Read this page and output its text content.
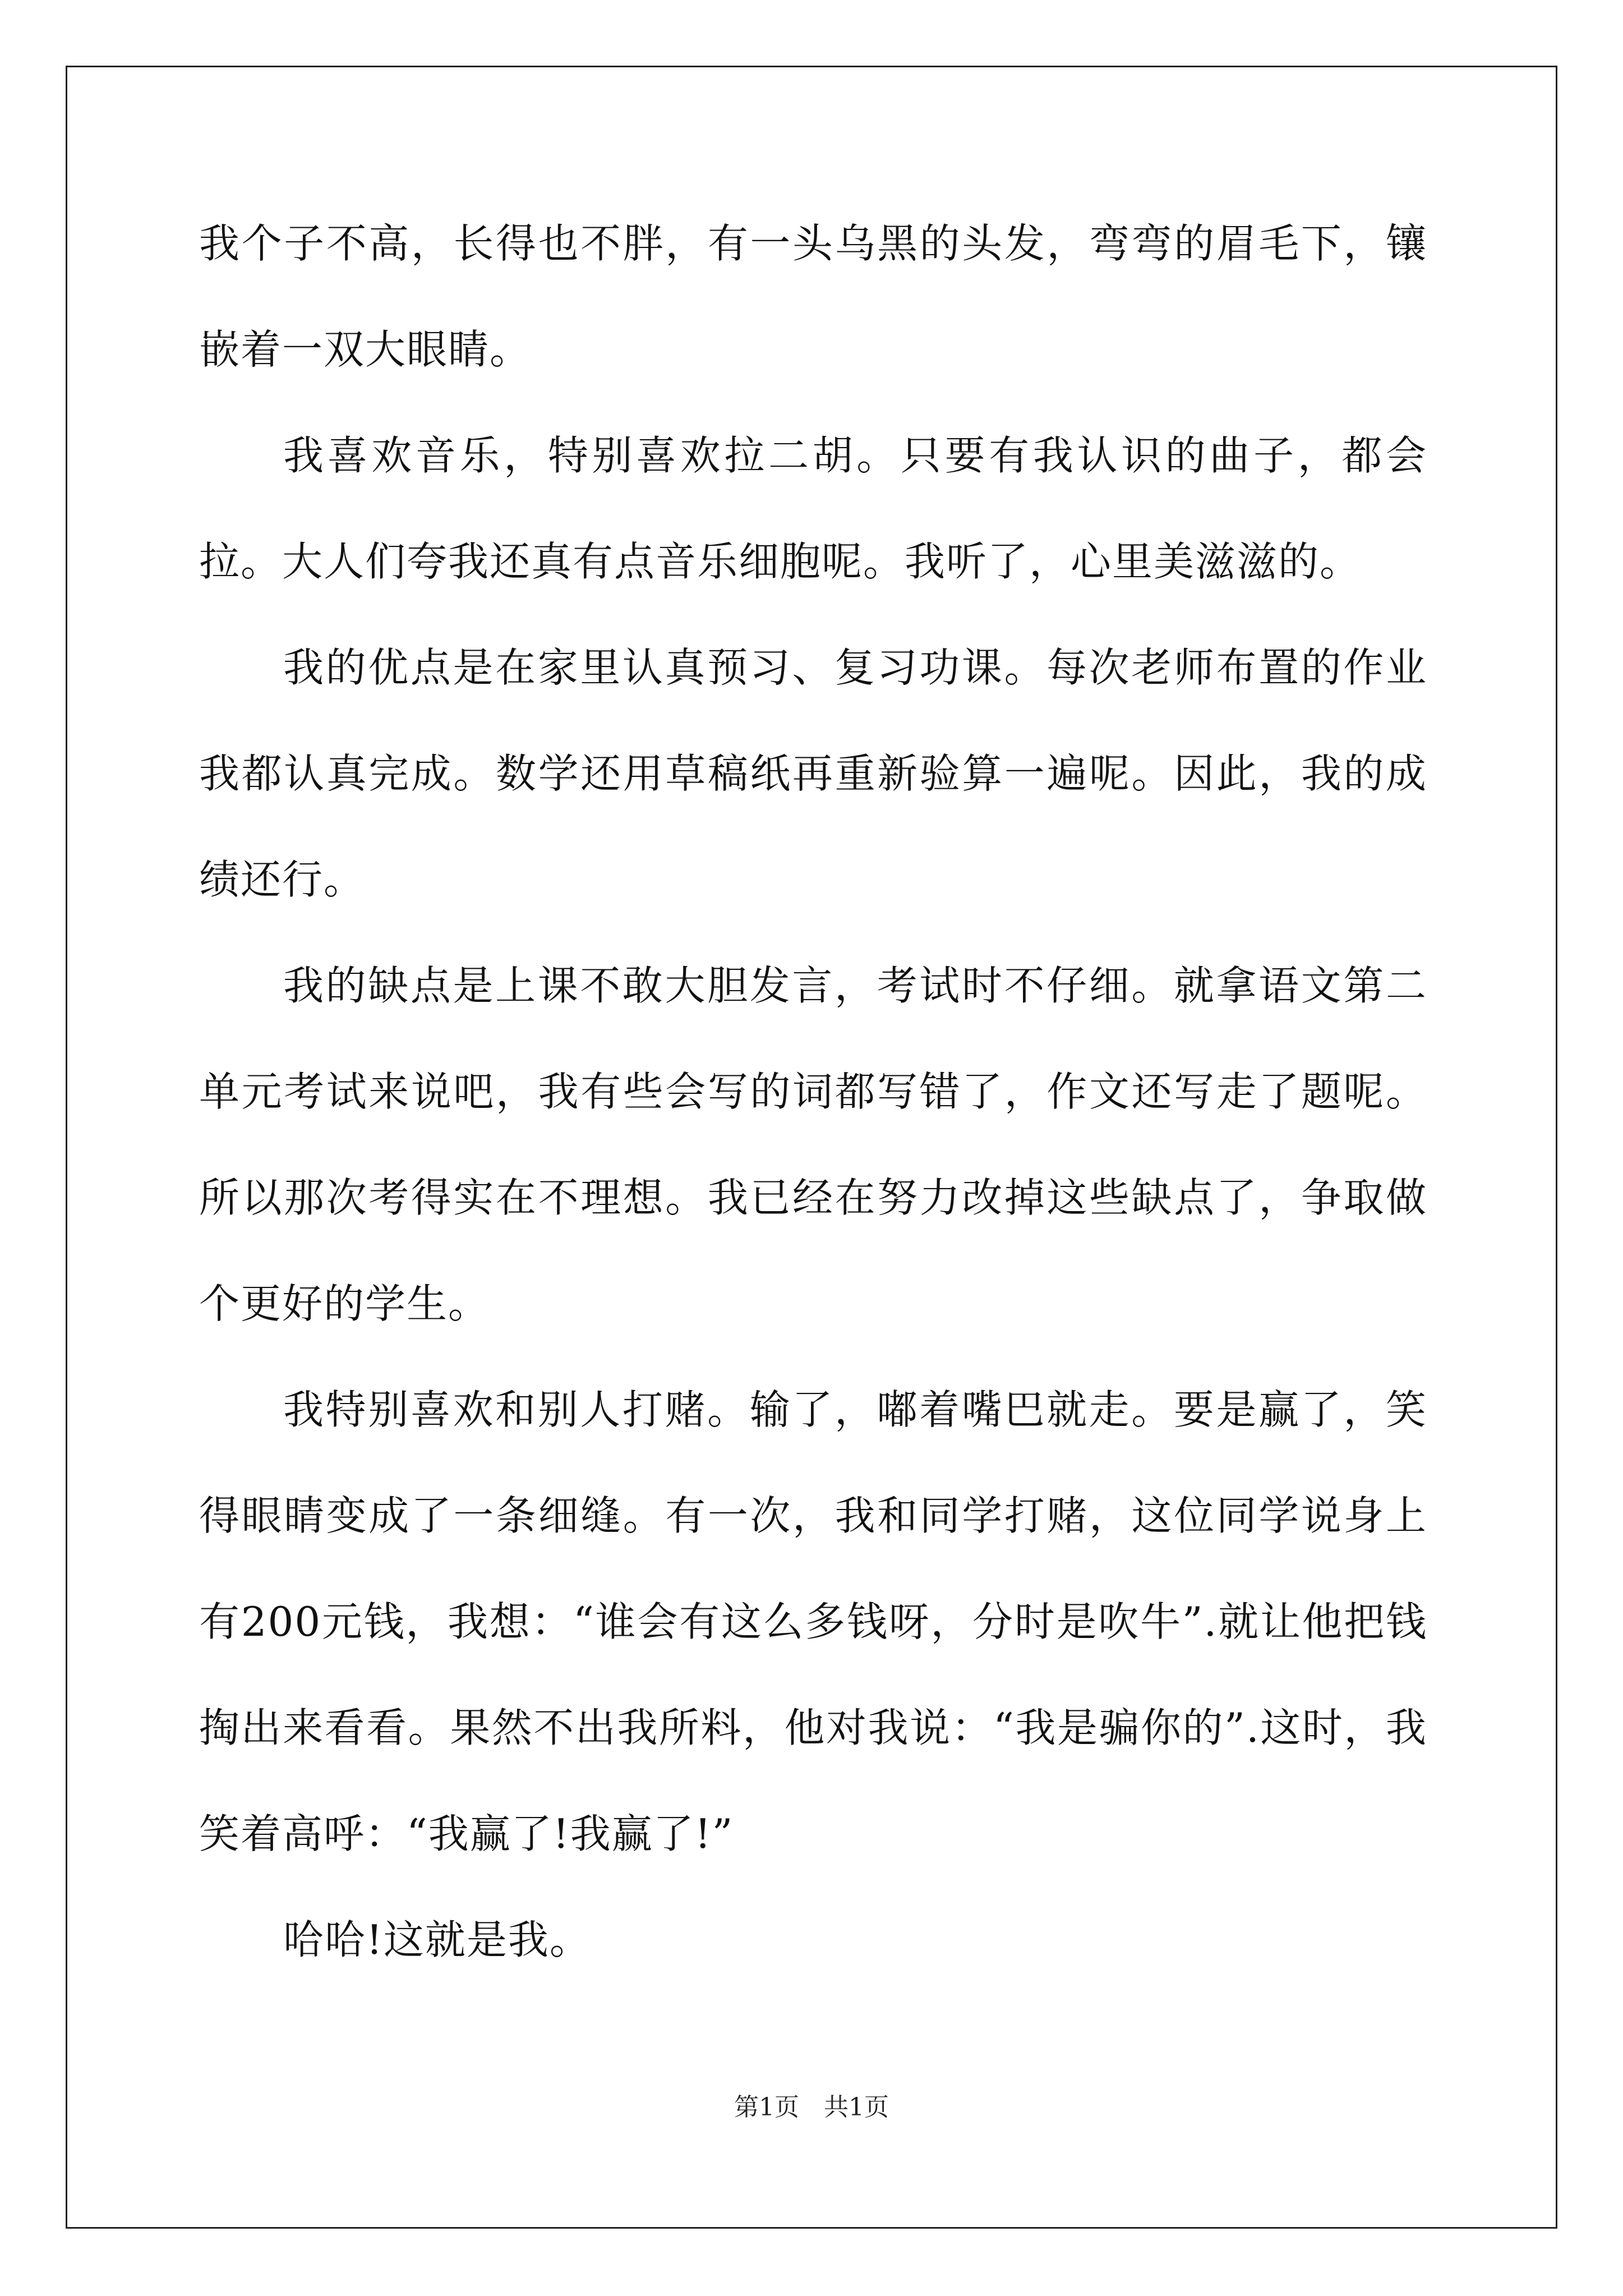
我个子不高，长得也不胖，有一头乌黑的头发，弯弯的眉毛下，镶嵌着一双大眼睛。

我喜欢音乐，特别喜欢拉二胡。只要有我认识的曲子，都会拉。大人们夸我还真有点音乐细胞呢。我听了，心里美滋滋的。

我的优点是在家里认真预习、复习功课。每次老师布置的作业我都认真完成。数学还用草稿纸再重新验算一遍呢。因此，我的成绩还行。

我的缺点是上课不敢大胆发言，考试时不仔细。就拿语文第二单元考试来说吧，我有些会写的词都写错了，作文还写走了题呢。所以那次考得实在不理想。我已经在努力改掉这些缺点了，争取做个更好的学生。

我特别喜欢和别人打赌。输了，嘟着嘴巴就走。要是赢了，笑得眼睛变成了一条细缝。有一次，我和同学打赌，这位同学说身上有200元钱，我想：“谁会有这么多钱呀，分时是吹牛”.就让他把钱掏出来看看。果然不出我所料，他对我说：“我是骗你的”.这时，我笑着高呼：“我赢了!我赢了!”

哈哈!这就是我。

第1页　共1页
